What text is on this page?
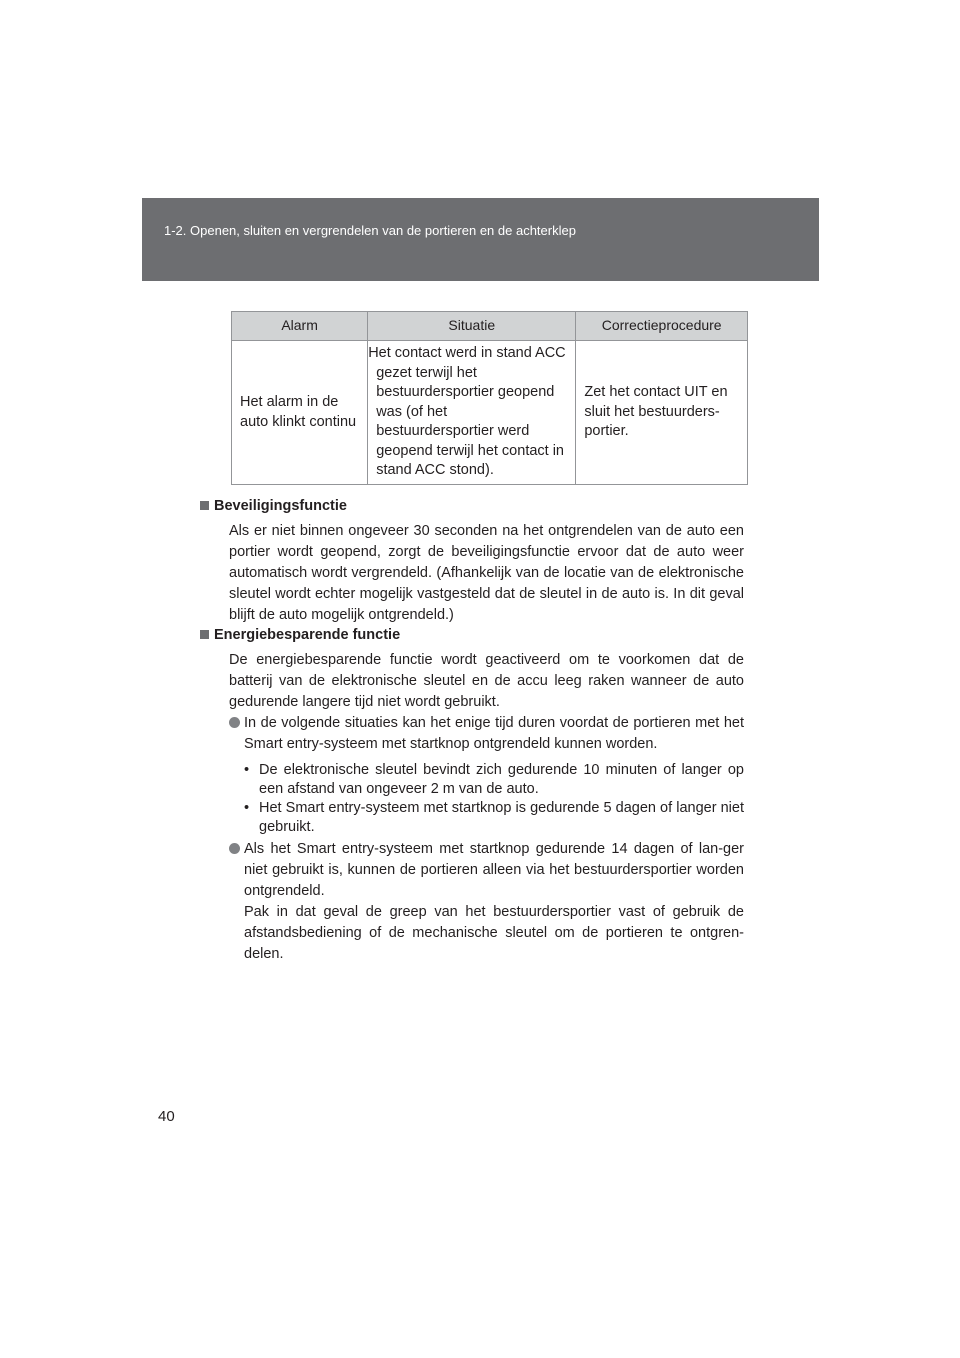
1-2. Openen, sluiten en vergrendelen van de portieren en de achterklep
Alarm	Situatie	Correctieprocedure
Het alarm in de auto klinkt continu	Het contact werd in stand ACC gezet terwijl het bestuurdersportier geopend was (of het bestuurdersportier werd geopend terwijl het contact in stand ACC stond).	Zet het contact UIT en sluit het bestuurders-portier.
Beveiligingsfunctie
Als er niet binnen ongeveer 30 seconden na het ontgrendelen van de auto een portier wordt geopend, zorgt de beveiligingsfunctie ervoor dat de auto weer automatisch wordt vergrendeld. (Afhankelijk van de locatie van de elektronische sleutel wordt echter mogelijk vastgesteld dat de sleutel in de auto is. In dit geval blijft de auto mogelijk ontgrendeld.)
Energiebesparende functie
De energiebesparende functie wordt geactiveerd om te voorkomen dat de batterij van de elektronische sleutel en de accu leeg raken wanneer de auto gedurende langere tijd niet wordt gebruikt.
In de volgende situaties kan het enige tijd duren voordat de portieren met het Smart entry-systeem met startknop ontgrendeld kunnen worden.
• De elektronische sleutel bevindt zich gedurende 10 minuten of langer op een afstand van ongeveer 2 m van de auto.
• Het Smart entry-systeem met startknop is gedurende 5 dagen of langer niet gebruikt.
Als het Smart entry-systeem met startknop gedurende 14 dagen of lan-ger niet gebruikt is, kunnen de portieren alleen via het bestuurdersportier worden ontgrendeld.
Pak in dat geval de greep van het bestuurdersportier vast of gebruik de afstandsbediening of de mechanische sleutel om de portieren te ontgren-delen.
40
